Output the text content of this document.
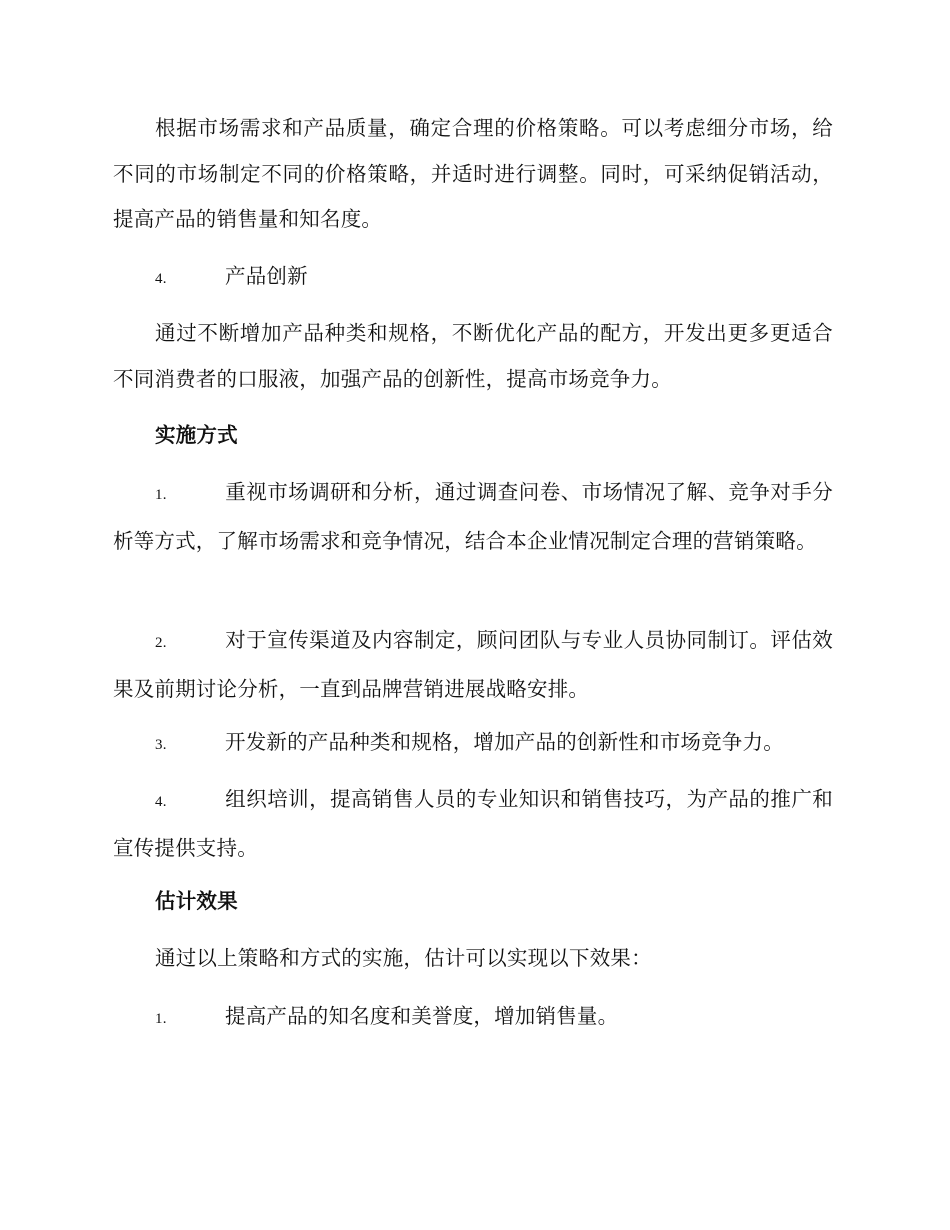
根据市场需求和产品质量，确定合理的价格策略。可以考虑细分市场，给不同的市场制定不同的价格策略，并适时进行调整。同时，可采纳促销活动，提高产品的销售量和知名度。
4.	产品创新
通过不断增加产品种类和规格，不断优化产品的配方，开发出更多更适合不同消费者的口服液，加强产品的创新性，提高市场竞争力。
实施方式
1.	重视市场调研和分析，通过调查问卷、市场情况了解、竞争对手分析等方式，了解市场需求和竞争情况，结合本企业情况制定合理的营销策略。
2.	对于宣传渠道及内容制定，顾问团队与专业人员协同制订。评估效果及前期讨论分析，一直到品牌营销进展战略安排。
3.	开发新的产品种类和规格，增加产品的创新性和市场竞争力。
4.	组织培训，提高销售人员的专业知识和销售技巧，为产品的推广和宣传提供支持。
估计效果
通过以上策略和方式的实施，估计可以实现以下效果：
1.	提高产品的知名度和美誉度，增加销售量。
